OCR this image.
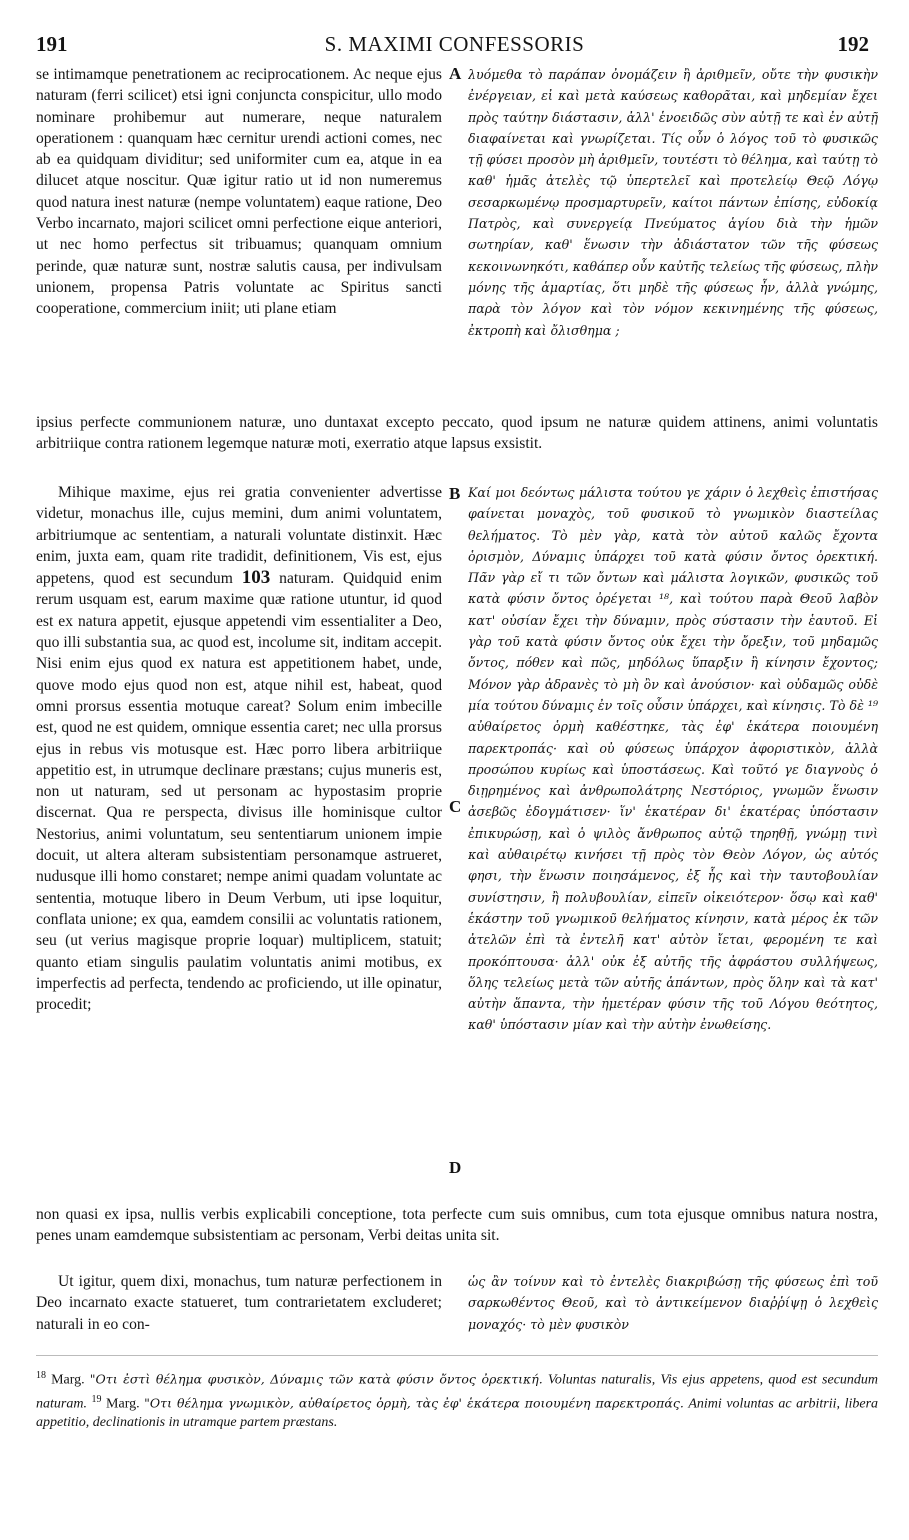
S. MAXIMI CONFESSORIS
191	192

se intimamque penetrationem ac reciprocationem. Ac neque ejus naturam (ferri scilicet) etsi igni conjuncta conspicitur, ullo modo nominare prohibemur aut numerare, neque naturalem operationem : quanquam hæc cernitur urendi actioni comes, nec ab ea quidquam dividitur; sed uniformiter cum ea, atque in ea dilucet atque noscitur. Quæ igitur ratio ut id non numeremus quod natura inest naturæ (nempe voluntatem) eaque ratione, Deo Verbo incarnato, majori scilicet omni perfectione eique anteriori, ut nec homo perfectus sit tribuamus; quanquam omnium perinde, quæ naturæ sunt, nostræ salutis causa, per indivulsam unionem, propensa Patris voluntate ac Spiritus sancti cooperatione, commercium iniit; uti plane etiam

A λυόμεθα τὸ παράπαν ὀνομάζειν ἢ ἀριθμεῖν, οὔτε τὴν φυσικὴν ἐνέργειαν, εἰ καὶ μετὰ καύσεως καθορᾶται, καὶ μηδεμίαν ἔχει πρὸς ταύτην διάστασιν, ἀλλ' ἑνοειδῶς σὺν αὐτῇ τε καὶ ἐν αὐτῇ διαφαίνεται καὶ γνωρίζεται. Τίς οὖν ὁ λόγος τοῦ τὸ φυσικῶς τῇ φύσει προσὸν μὴ ἀριθμεῖν, τουτέστι τὸ θέλημα, καὶ ταύτῃ τὸ καθ' ἡμᾶς ἀτελὲς τῷ ὑπερτελεῖ καὶ προτελείῳ Θεῷ Λόγῳ σεσαρκωμένῳ προσμαρτυρεῖν, καίτοι πάντων ἐπίσης, εὐδοκίᾳ Πατρὸς, καὶ συνεργείᾳ Πνεύματος ἁγίου διὰ τὴν ἡμῶν σωτηρίαν, καθ' ἕνωσιν τὴν ἀδιάστατον τῶν τῆς φύσεως κεκοινωνηκότι, καθάπερ οὖν καὐτῆς τελείως τῆς φύσεως, πλὴν μόνης τῆς ἁμαρτίας, ὅτι μηδὲ τῆς φύσεως ἦν, ἀλλὰ γνώμης, παρὰ τὸν λόγον καὶ τὸν νόμον κεκινημένης τῆς φύσεως, ἐκτροπὴ καὶ ὄλισθημα ;

ipsius perfecte communionem naturæ, uno duntaxat excepto peccato, quod ipsum ne naturæ quidem attinens, animi voluntatis arbitriique contra rationem legemque naturæ moti, exerratio atque lapsus exsistit.

Mihique maxime, ejus rei gratia convenienter advertisse videtur, monachus ille, cujus memini, dum animi voluntatem, arbitriumque ac sententiam, a naturali voluntate distinxit. Hæc enim, juxta eam, quam rite tradidit, definitionem, Vis est, ejus appetens, quod est secundum 103 naturam. Quidquid enim rerum usquam est, earum maxime quæ ratione utuntur, id quod est ex natura appetit, ejusque appetendi vim essentialiter a Deo, quo illi substantia sua, ac quod est, incolume sit, inditam accepit. Nisi enim ejus quod ex natura est appetitionem habet, unde, quove modo ejus quod non est, atque nihil est, habeat, quod omni prorsus essentia motuque careat? Solum enim imbecille est, quod ne est quidem, omnique essentia caret; nec ulla prorsus ejus in rebus vis motusque est. Hæc porro libera arbitriique appetitio est, in utrumque declinare præstans; cujus muneris est, non ut naturam, sed ut personam ac hypostasim proprie discernat. Qua re perspecta, divisus ille hominisque cultor Nestorius, animi voluntatum, seu sententiarum unionem impie docuit, ut altera alteram subsistentiam personamque astrueret, nudusque illi homo constaret; nempe animi quadam voluntate ac sententia, motuque libero in Deum Verbum, uti ipse loquitur, conflata unione; ex qua, eamdem consilii ac voluntatis rationem, seu (ut verius magisque proprie loquar) multiplicem, statuit; quanto etiam singulis paulatim voluntatis animi motibus, ex imperfectis ad perfecta, tendendo ac proficiendo, ut ille opinatur, procedit;

B
C
D

Καί μοι δεόντως μάλιστα τούτου γε χάριν ὁ λεχθεὶς ἐπιστήσας φαίνεται μοναχὸς, τοῦ φυσικοῦ τὸ γνωμικὸν διαστείλας θελήματος. Τὸ μὲν γὰρ, κατὰ τὸν αὐτοῦ καλῶς ἔχοντα ὁρισμὸν, Δύναμις ὑπάρχει τοῦ κατὰ φύσιν ὄντος ὀρεκτική. Πᾶν γὰρ εἴ τι τῶν ὄντων καὶ μάλιστα λογικῶν, φυσικῶς τοῦ κατὰ φύσιν ὄντος ὀρέγεται ¹⁸, καὶ τούτου παρὰ Θεοῦ λαβὸν κατ' οὐσίαν ἔχει τὴν δύναμιν, πρὸς σύστασιν τὴν ἑαυτοῦ. Εἰ γὰρ τοῦ κατὰ φύσιν ὄντος οὐκ ἔχει τὴν ὄρεξιν, τοῦ μηδαμῶς ὄντος, πόθεν καὶ πῶς, μηδόλως ὕπαρξιν ἢ κίνησιν ἔχοντος; Μόνον γὰρ ἀδρανὲς τὸ μὴ ὂν καὶ ἀνούσιον· καὶ οὐδαμῶς οὐδὲ μία τούτου δύναμις ἐν τοῖς οὖσιν ὑπάρχει, καὶ κίνησις. Τὸ δὲ ¹⁹ αὐθαίρετος ὁρμὴ καθέστηκε, τὰς ἐφ' ἑκάτερα ποιουμένη παρεκτροπάς· καὶ οὐ φύσεως ὑπάρχον ἀφοριστικὸν, ἀλλὰ προσώπου κυρίως καὶ ὑποστάσεως. Καὶ τοῦτό γε διαγνοὺς ὁ διῃρημένος καὶ ἀνθρωπολάτρης Νεστόριος, γνωμῶν ἕνωσιν ἀσεβῶς ἐδογμάτισεν· ἵν' ἑκατέραν δι' ἑκατέρας ὑπόστασιν ἐπικυρώσῃ, καὶ ὁ ψιλὸς ἄνθρωπος αὐτῷ τηρηθῇ, γνώμῃ τινὶ καὶ αὐθαιρέτῳ κινήσει τῇ πρὸς τὸν Θεὸν Λόγον, ὡς αὐτός φησι, τὴν ἕνωσιν ποιησάμενος, ἐξ ἧς καὶ τὴν ταυτοβουλίαν συνίστησιν, ἢ πολυβουλίαν, εἰπεῖν οἰκειότερον· ὅσῳ καὶ καθ' ἑκάστην τοῦ γνωμικοῦ θελήματος κίνησιν, κατὰ μέρος ἐκ τῶν ἀτελῶν ἐπὶ τὰ ἐντελῆ κατ' αὐτὸν ἴεται, φερομένη τε καὶ προκόπτουσα· ἀλλ' οὐκ ἐξ αὐτῆς τῆς ἀφράστου συλλήψεως, ὅλης τελείως μετὰ τῶν αὐτῆς ἁπάντων, πρὸς ὅλην καὶ τὰ κατ' αὐτὴν ἅπαντα, τὴν ἡμετέραν φύσιν τῆς τοῦ Λόγου θεότητος, καθ' ὑπόστασιν μίαν καὶ τὴν αὐτὴν ἐνωθείσης.

non quasi ex ipsa, nullis verbis explicabili conceptione, tota perfecte cum suis omnibus, cum tota ejusque omnibus natura nostra, penes unam eamdemque subsistentiam ac personam, Verbi deitas unita sit.

Ut igitur, quem dixi, monachus, tum naturæ perfectionem in Deo incarnato exacte statueret, tum contrarietatem excluderet; naturali in eo con-

ὡς ἂν τοίνυν καὶ τὸ ἐντελὲς διακριβώσῃ τῆς φύσεως ἐπὶ τοῦ σαρκωθέντος Θεοῦ, καὶ τὸ ἀντικείμενον διαῤῥίψῃ ὁ λεχθεὶς μοναχός· τὸ μὲν φυσικὸν

$^{18}$ Marg. "Οτι ἐστὶ θέλημα φυσικὸν, Δύναμις τῶν κατὰ φύσιν ὄντος ὀρεκτική. Voluntas naturalis, Vis ejus appetens, quod est secundum naturam. $^{19}$ Marg. "Οτι θέλημα γνωμικὸν, αὐθαίρετος ὁρμὴ, τὰς ἐφ' ἑκάτερα ποιουμένη παρεκτροπάς. Animi voluntas ac arbitrii, libera appetitio, declinationis in utramque partem præstans.
